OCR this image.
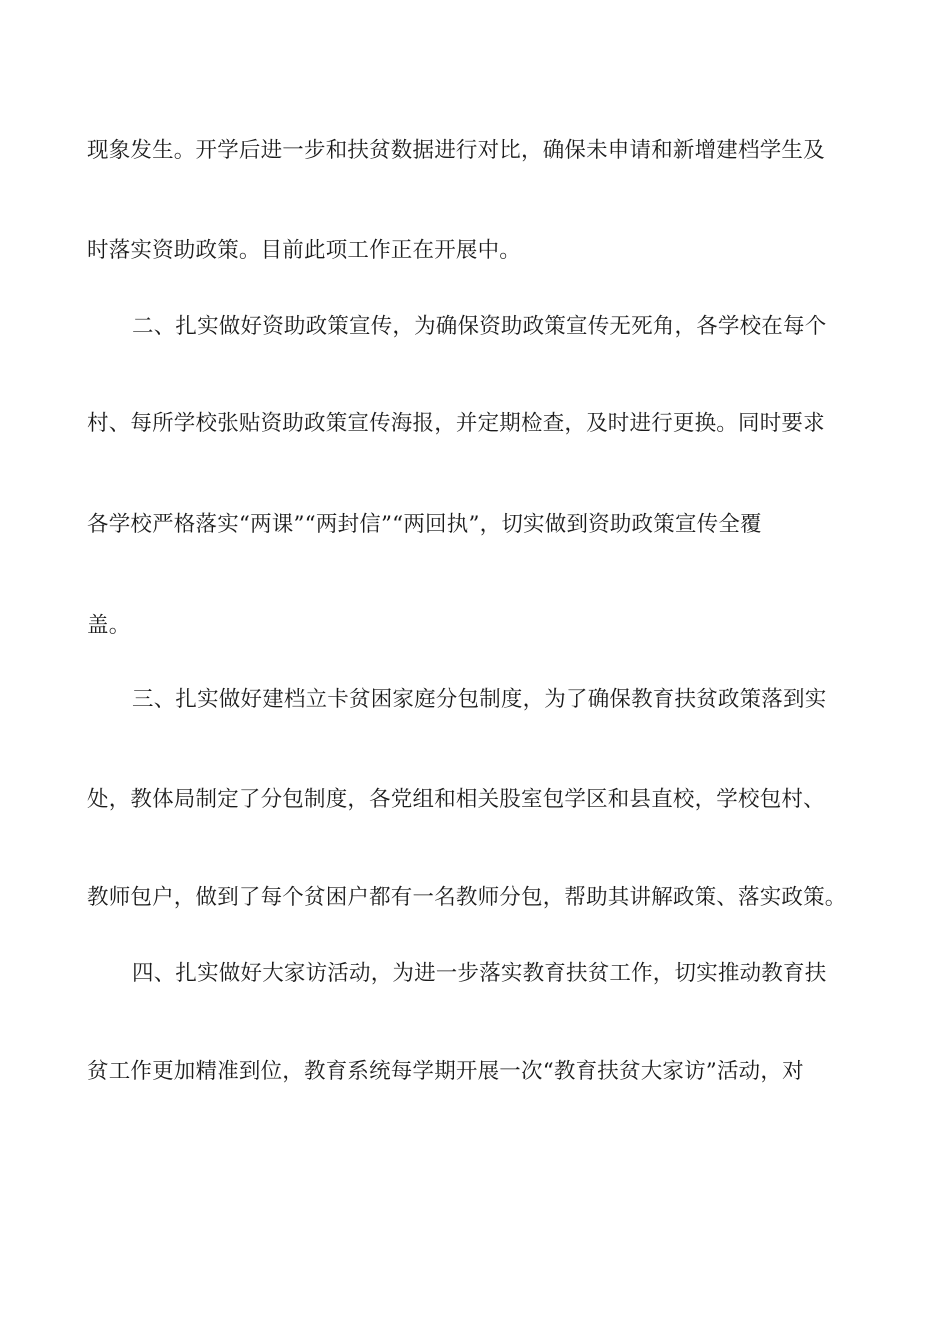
现象发生。开学后进一步和扶贫数据进行对比，确保未申请和新增建档学生及
时落实资助政策。目前此项工作正在开展中。
二、扎实做好资助政策宣传，为确保资助政策宣传无死角，各学校在每个
村、每所学校张贴资助政策宣传海报，并定期检查，及时进行更换。同时要求
各学校严格落实“两课”“两封信”“两回执”，切实做到资助政策宣传全覆
盖。
三、扎实做好建档立卡贫困家庭分包制度，为了确保教育扶贫政策落到实
处，教体局制定了分包制度，各党组和相关股室包学区和县直校，学校包村、
教师包户，做到了每个贫困户都有一名教师分包，帮助其讲解政策、落实政策。
四、扎实做好大家访活动，为进一步落实教育扶贫工作，切实推动教育扶
贫工作更加精准到位，教育系统每学期开展一次“教育扶贫大家访”活动，对
